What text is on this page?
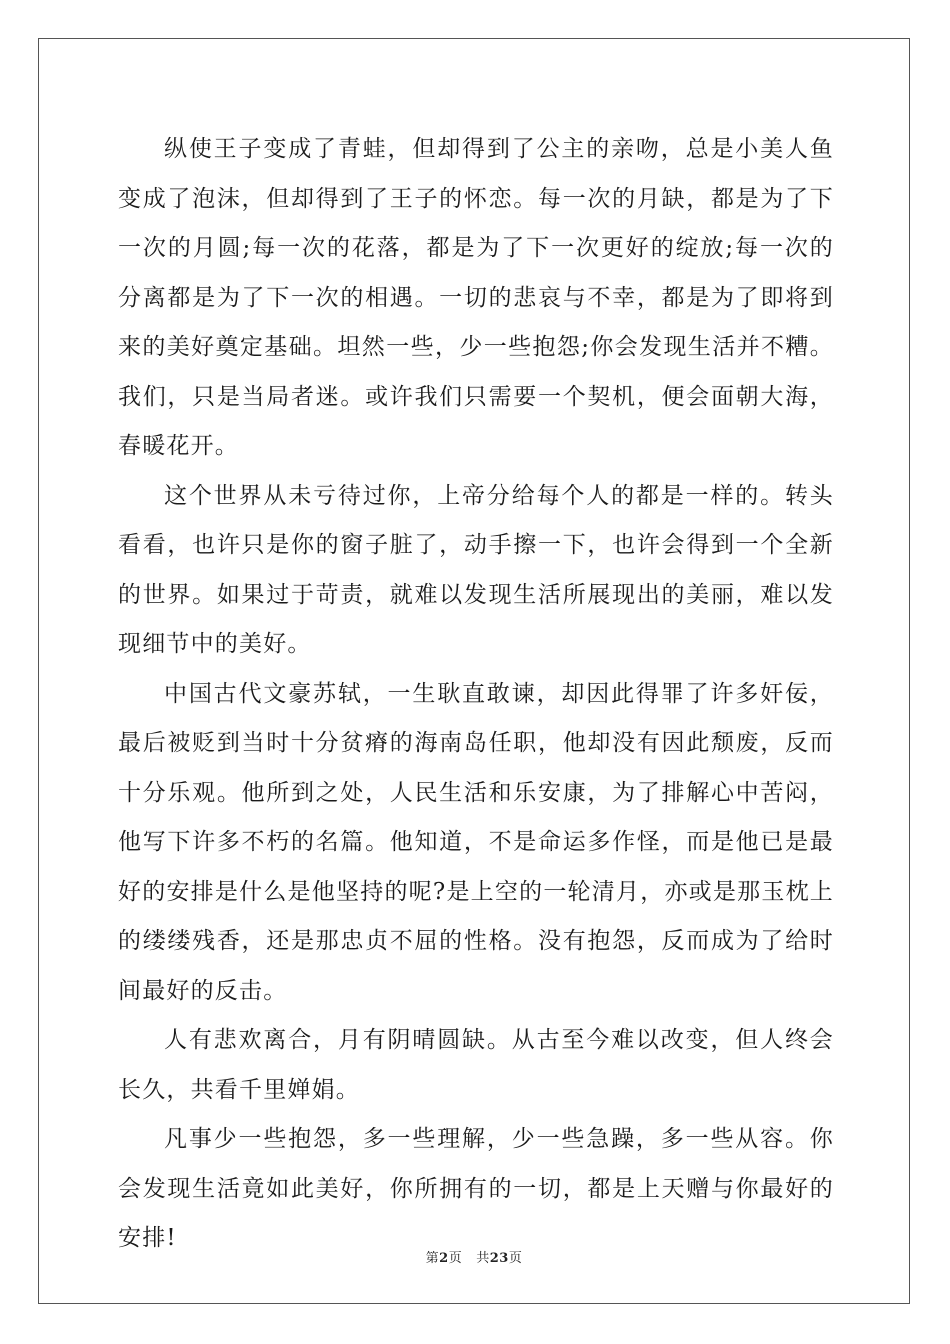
纵使王子变成了青蛙，但却得到了公主的亲吻，总是小美人鱼变成了泡沫，但却得到了王子的怀恋。每一次的月缺，都是为了下一次的月圆;每一次的花落，都是为了下一次更好的绽放;每一次的分离都是为了下一次的相遇。一切的悲哀与不幸，都是为了即将到来的美好奠定基础。坦然一些，少一些抱怨;你会发现生活并不糟。我们，只是当局者迷。或许我们只需要一个契机，便会面朝大海，春暖花开。

这个世界从未亏待过你，上帝分给每个人的都是一样的。转头看看，也许只是你的窗子脏了，动手擦一下，也许会得到一个全新的世界。如果过于苛责，就难以发现生活所展现出的美丽，难以发现细节中的美好。

中国古代文豪苏轼，一生耿直敢谏，却因此得罪了许多奸佞，最后被贬到当时十分贫瘠的海南岛任职，他却没有因此颓废，反而十分乐观。他所到之处，人民生活和乐安康，为了排解心中苦闷，他写下许多不朽的名篇。他知道，不是命运多作怪，而是他已是最好的安排是什么是他坚持的呢?是上空的一轮清月，亦或是那玉枕上的缕缕残香，还是那忠贞不屈的性格。没有抱怨，反而成为了给时间最好的反击。

人有悲欢离合，月有阴晴圆缺。从古至今难以改变，但人终会长久，共看千里婵娟。

凡事少一些抱怨，多一些理解，少一些急躁，多一些从容。你会发现生活竟如此美好，你所拥有的一切，都是上天赠与你最好的安排!

第2页 共23页
